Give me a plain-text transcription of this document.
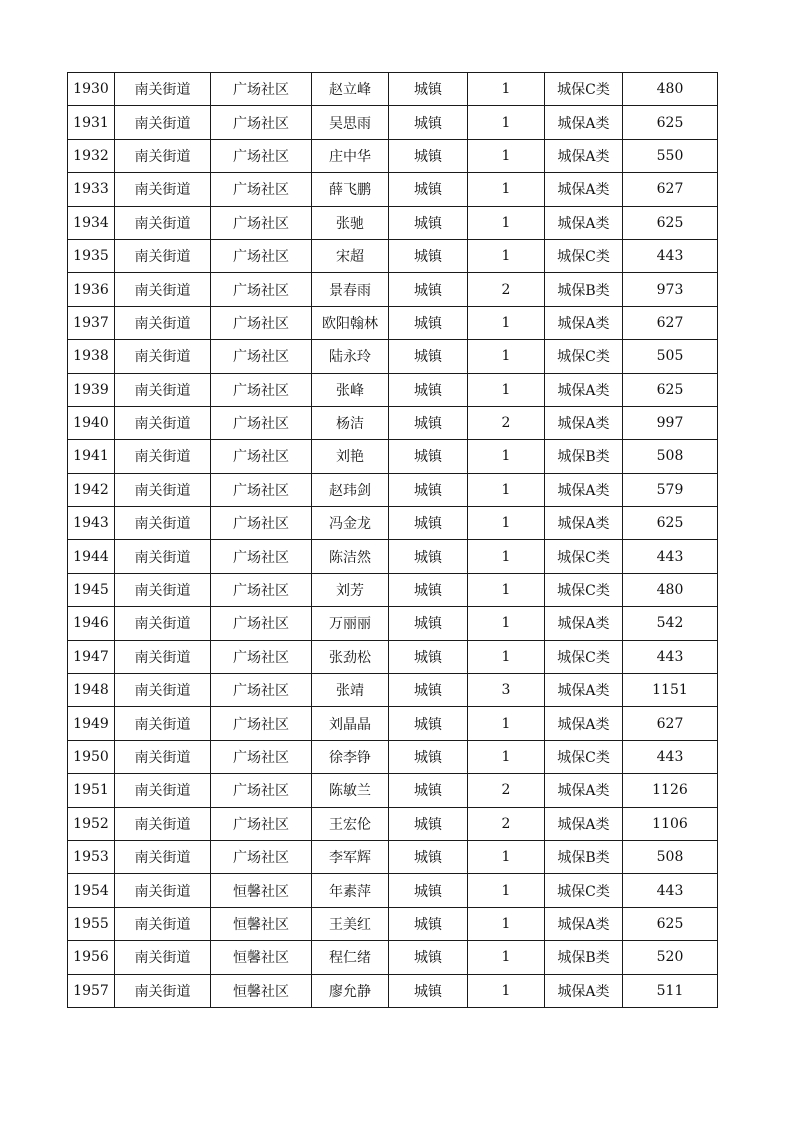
1930	南关街道	广场社区	赵立峰	城镇	1	城保C类	480
1931	南关街道	广场社区	吴思雨	城镇	1	城保A类	625
1932	南关街道	广场社区	庄中华	城镇	1	城保A类	550
1933	南关街道	广场社区	薛飞鹏	城镇	1	城保A类	627
1934	南关街道	广场社区	张驰	城镇	1	城保A类	625
1935	南关街道	广场社区	宋超	城镇	1	城保C类	443
1936	南关街道	广场社区	景春雨	城镇	2	城保B类	973
1937	南关街道	广场社区	欧阳翰林	城镇	1	城保A类	627
1938	南关街道	广场社区	陆永玲	城镇	1	城保C类	505
1939	南关街道	广场社区	张峰	城镇	1	城保A类	625
1940	南关街道	广场社区	杨洁	城镇	2	城保A类	997
1941	南关街道	广场社区	刘艳	城镇	1	城保B类	508
1942	南关街道	广场社区	赵玮剑	城镇	1	城保A类	579
1943	南关街道	广场社区	冯金龙	城镇	1	城保A类	625
1944	南关街道	广场社区	陈洁然	城镇	1	城保C类	443
1945	南关街道	广场社区	刘芳	城镇	1	城保C类	480
1946	南关街道	广场社区	万丽丽	城镇	1	城保A类	542
1947	南关街道	广场社区	张劲松	城镇	1	城保C类	443
1948	南关街道	广场社区	张靖	城镇	3	城保A类	1151
1949	南关街道	广场社区	刘晶晶	城镇	1	城保A类	627
1950	南关街道	广场社区	徐李铮	城镇	1	城保C类	443
1951	南关街道	广场社区	陈敏兰	城镇	2	城保A类	1126
1952	南关街道	广场社区	王宏伦	城镇	2	城保A类	1106
1953	南关街道	广场社区	李军辉	城镇	1	城保B类	508
1954	南关街道	恒馨社区	年素萍	城镇	1	城保C类	443
1955	南关街道	恒馨社区	王美红	城镇	1	城保A类	625
1956	南关街道	恒馨社区	程仁绪	城镇	1	城保B类	520
1957	南关街道	恒馨社区	廖允静	城镇	1	城保A类	511
